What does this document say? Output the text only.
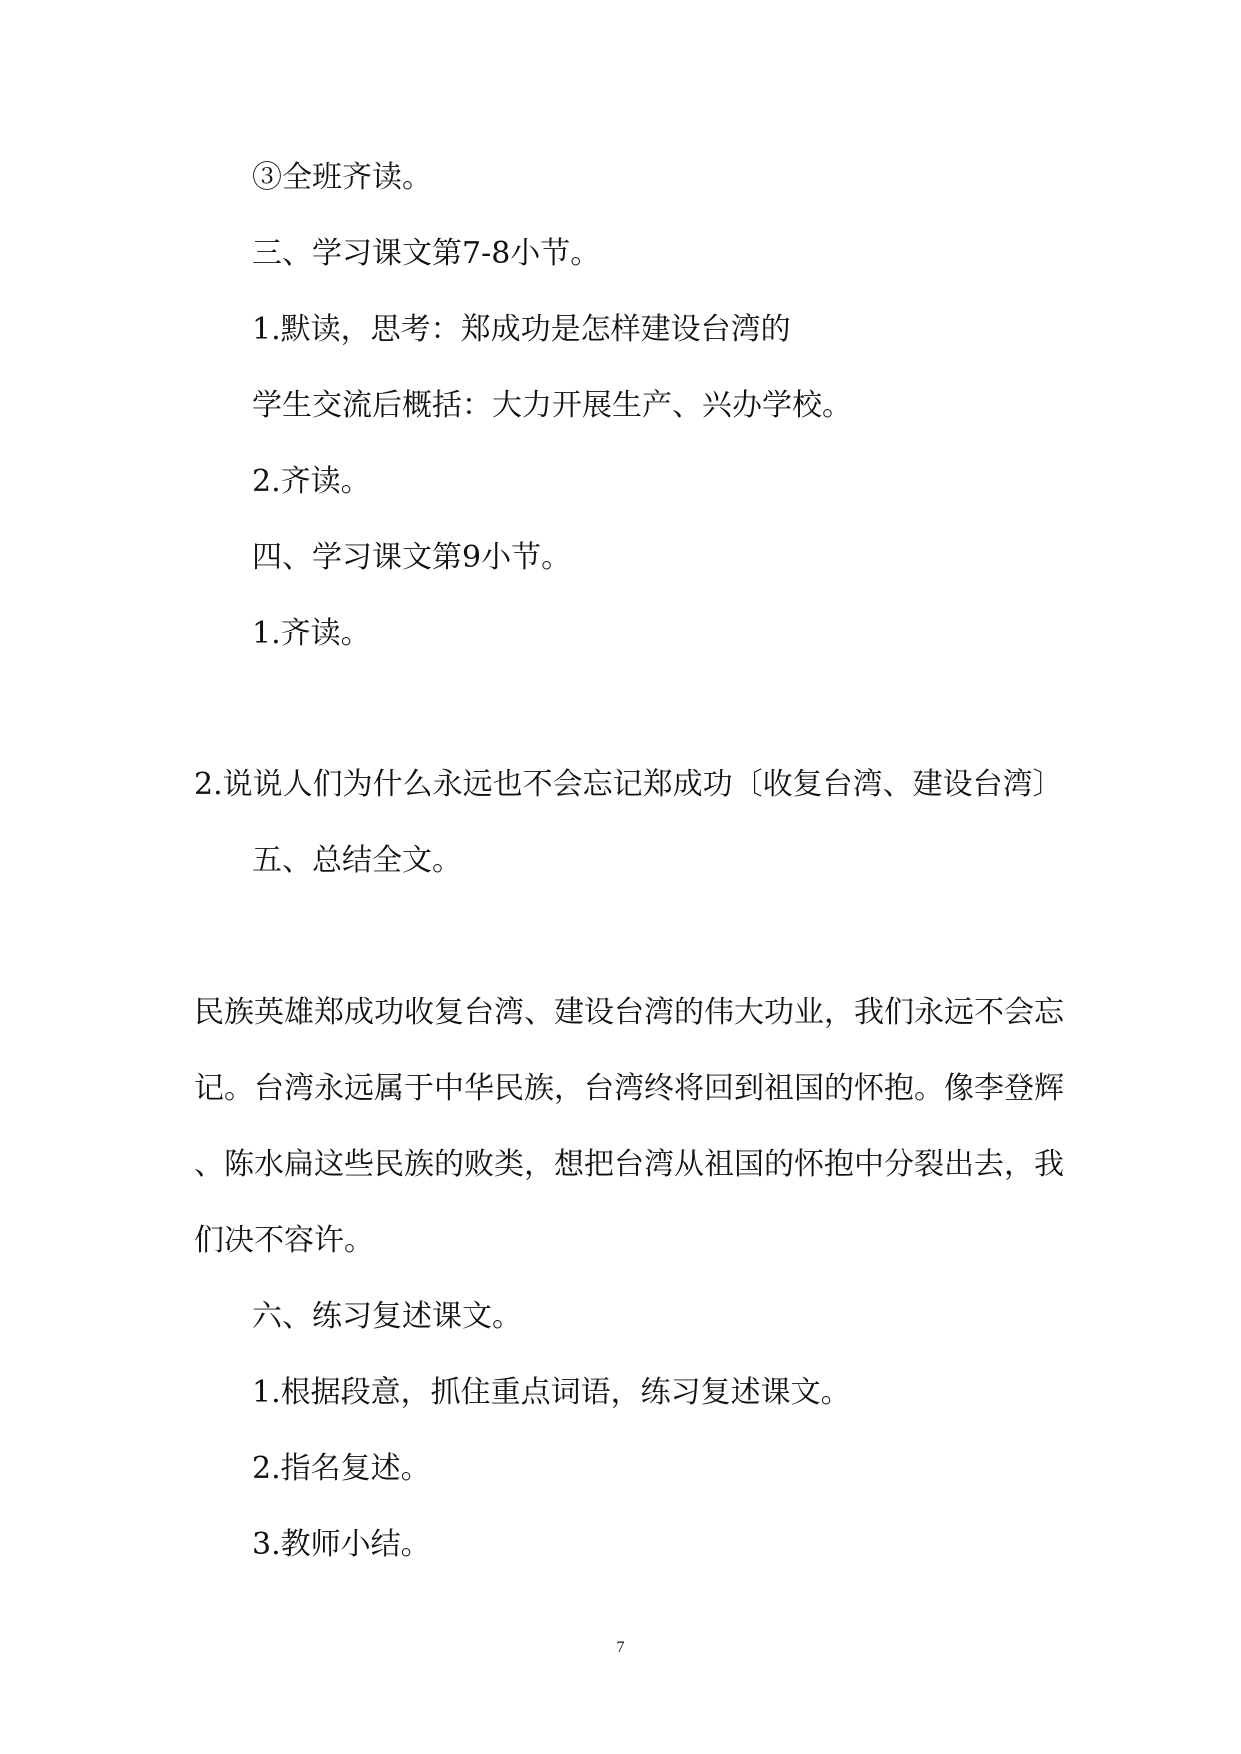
③全班齐读。
三、学习课文第7-8小节。
1.默读，思考：郑成功是怎样建设台湾的
学生交流后概括：大力开展生产、兴办学校。
2.齐读。
四、学习课文第9小节。
1.齐读。
2.说说人们为什么永远也不会忘记郑成功〔收复台湾、建设台湾〕
五、总结全文。
民族英雄郑成功收复台湾、建设台湾的伟大功业，我们永远不会忘
记。台湾永远属于中华民族，台湾终将回到祖国的怀抱。像李登辉
、陈水扁这些民族的败类，想把台湾从祖国的怀抱中分裂出去，我
们决不容许。
六、练习复述课文。
1.根据段意，抓住重点词语，练习复述课文。
2.指名复述。
3.教师小结。
7
